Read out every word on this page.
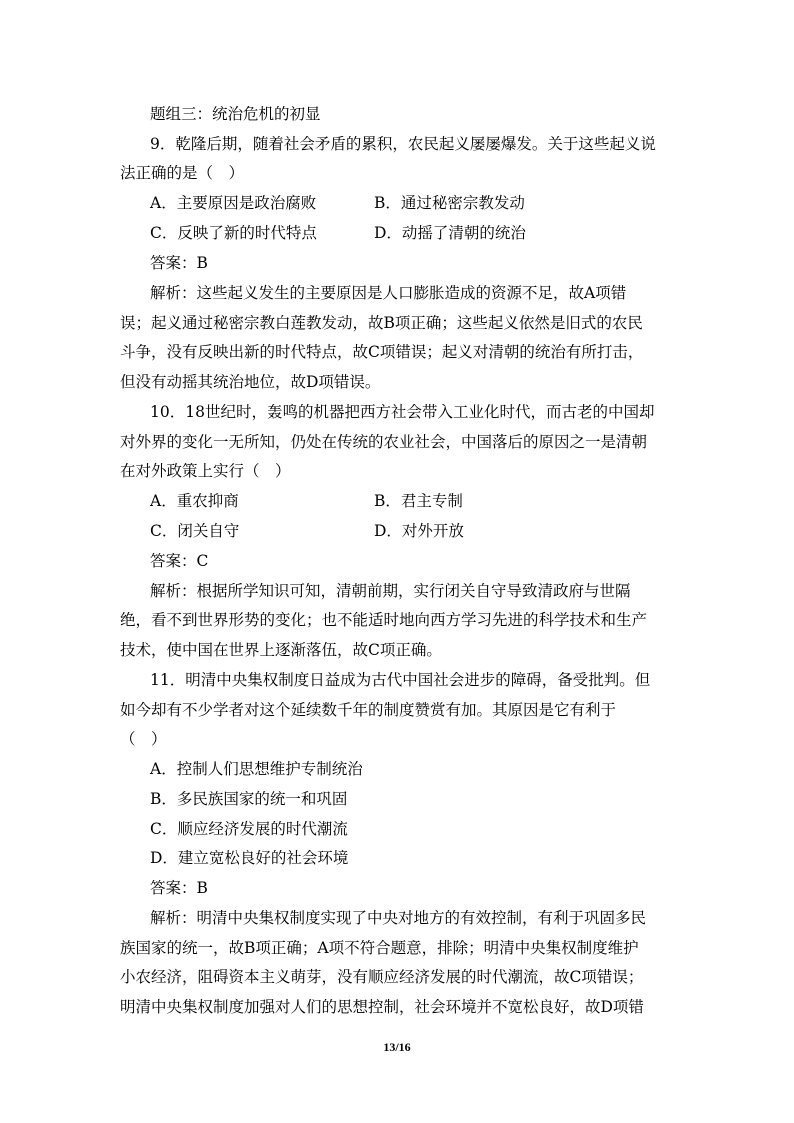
题组三：统治危机的初显
9．乾隆后期，随着社会矛盾的累积，农民起义屡屡爆发。关于这些起义说
法正确的是（　）
A．主要原因是政治腐败	B．通过秘密宗教发动
C．反映了新的时代特点	D．动摇了清朝的统治
答案：B
解析：这些起义发生的主要原因是人口膨胀造成的资源不足，故A项错
误；起义通过秘密宗教白莲教发动，故B项正确；这些起义依然是旧式的农民
斗争，没有反映出新的时代特点，故C项错误；起义对清朝的统治有所打击，
但没有动摇其统治地位，故D项错误。
10．18世纪时，轰鸣的机器把西方社会带入工业化时代，而古老的中国却
对外界的变化一无所知，仍处在传统的农业社会，中国落后的原因之一是清朝
在对外政策上实行（　）
A．重农抑商	B．君主专制
C．闭关自守	D．对外开放
答案：C
解析：根据所学知识可知，清朝前期，实行闭关自守导致清政府与世隔
绝，看不到世界形势的变化；也不能适时地向西方学习先进的科学技术和生产
技术，使中国在世界上逐渐落伍，故C项正确。
11．明清中央集权制度日益成为古代中国社会进步的障碍，备受批判。但
如今却有不少学者对这个延续数千年的制度赞赏有加。其原因是它有利于
（　）
A．控制人们思想维护专制统治
B．多民族国家的统一和巩固
C．顺应经济发展的时代潮流
D．建立宽松良好的社会环境
答案：B
解析：明清中央集权制度实现了中央对地方的有效控制，有利于巩固多民
族国家的统一，故B项正确；A项不符合题意，排除；明清中央集权制度维护
小农经济，阻碍资本主义萌芽，没有顺应经济发展的时代潮流，故C项错误；
明清中央集权制度加强对人们的思想控制，社会环境并不宽松良好，故D项错
13/16
